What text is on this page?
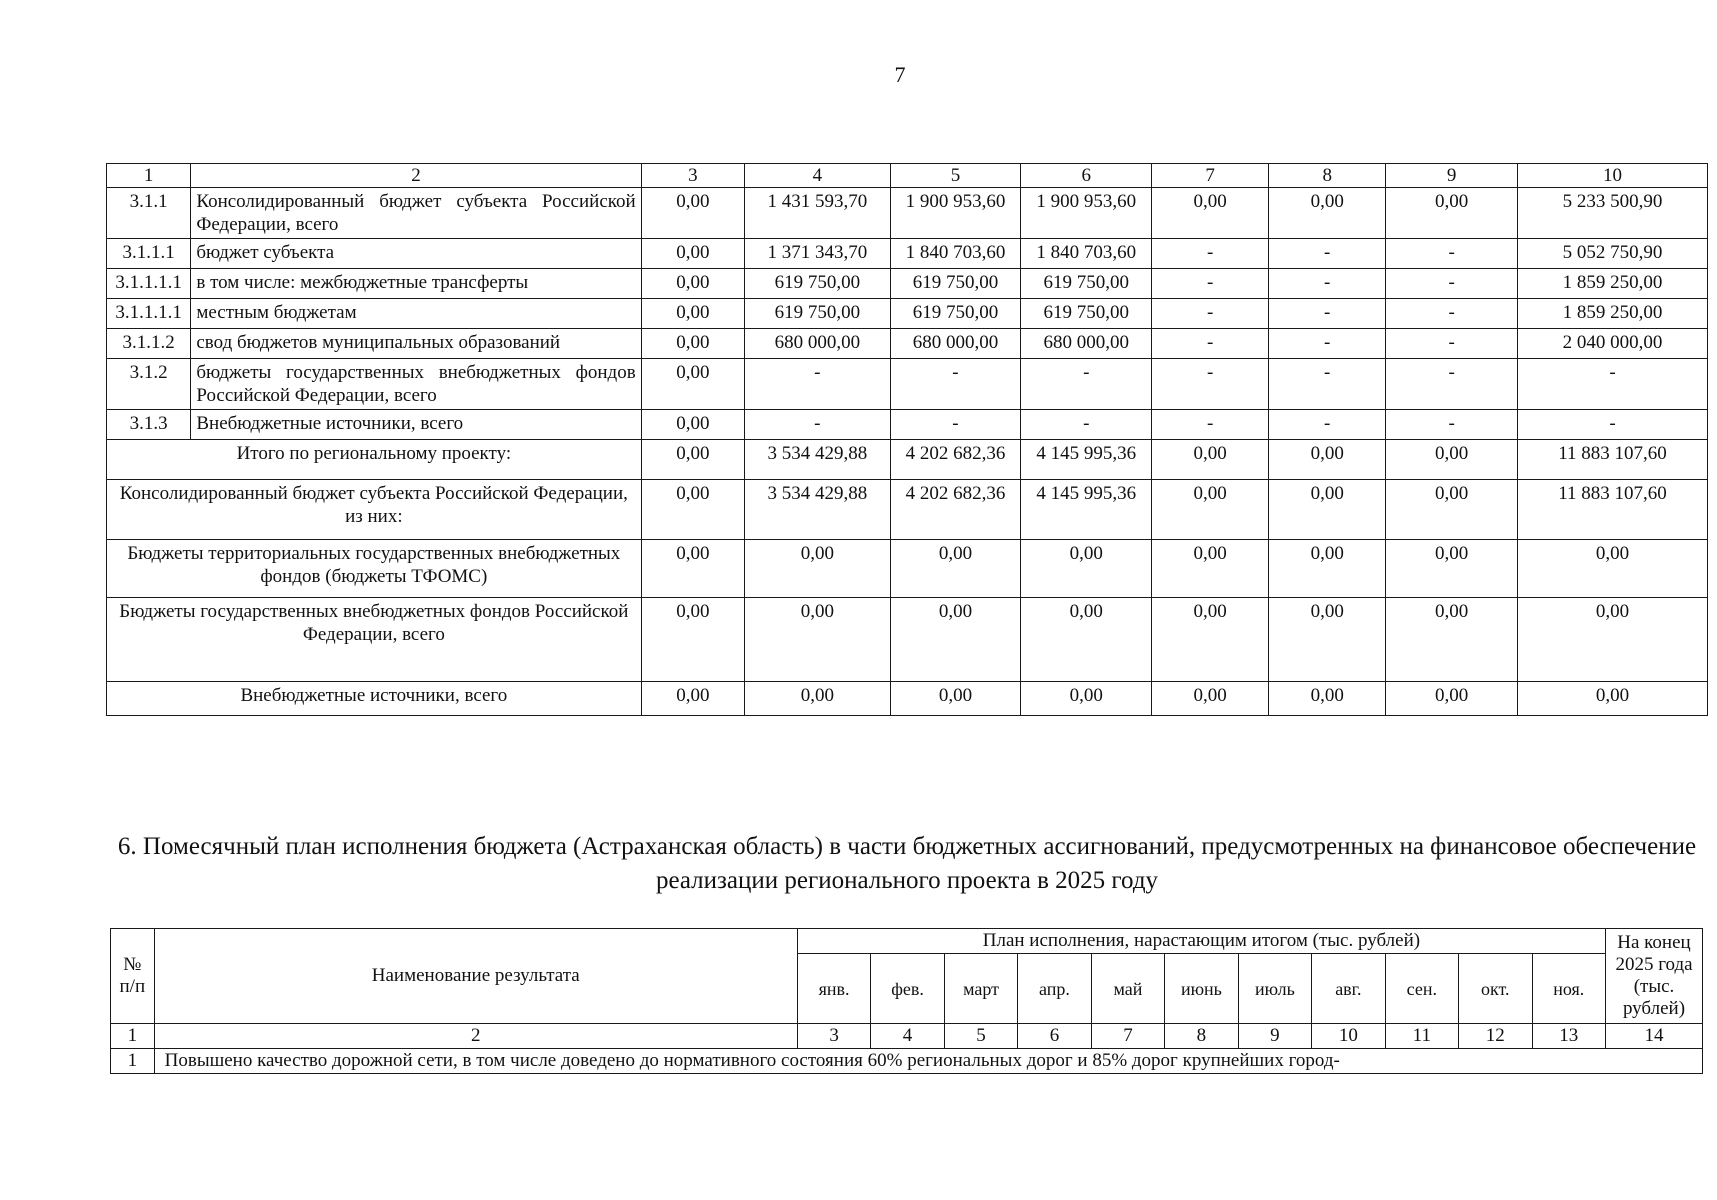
7
1	2	3	4	5	6	7	8	9	10
3.1.1	Консолидированный бюджет субъекта Российской Федерации, всего	0,00	1 431 593,70	1 900 953,60	1 900 953,60	0,00	0,00	0,00	5 233 500,90
3.1.1.1	бюджет субъекта	0,00	1 371 343,70	1 840 703,60	1 840 703,60	-	-	-	5 052 750,90
3.1.1.1.1	в том числе: межбюджетные трансферты	0,00	619 750,00	619 750,00	619 750,00	-	-	-	1 859 250,00
3.1.1.1.1	местным бюджетам	0,00	619 750,00	619 750,00	619 750,00	-	-	-	1 859 250,00
3.1.1.2	свод бюджетов муниципальных образований	0,00	680 000,00	680 000,00	680 000,00	-	-	-	2 040 000,00
3.1.2	бюджеты государственных внебюджетных фондов Российской Федерации, всего	0,00	-	-	-	-	-	-	-
3.1.3	Внебюджетные источники, всего	0,00	-	-	-	-	-	-	-
Итого по региональному проекту:		0,00	3 534 429,88	4 202 682,36	4 145 995,36	0,00	0,00	0,00	11 883 107,60
Консолидированный бюджет субъекта Российской Федерации, из них:		0,00	3 534 429,88	4 202 682,36	4 145 995,36	0,00	0,00	0,00	11 883 107,60
Бюджеты территориальных государственных внебюджетных фондов (бюджеты ТФОМС)		0,00	0,00	0,00	0,00	0,00	0,00	0,00	0,00
Бюджеты государственных внебюджетных фондов Российской Федерации, всего		0,00	0,00	0,00	0,00	0,00	0,00	0,00	0,00
Внебюджетные источники, всего		0,00	0,00	0,00	0,00	0,00	0,00	0,00	0,00
6. Помесячный план исполнения бюджета (Астраханская область) в части бюджетных ассигнований, предусмотренных на финансовое обеспечение реализации регионального проекта в 2025 году
№ п/п	Наименование результата	План исполнения, нарастающим итогом (тыс. рублей)											На конец 2025 года (тыс. рублей)
		янв.	фев.	март	апр.	май	июнь	июль	авг.	сен.	окт.	ноя.	
1	2	3	4	5	6	7	8	9	10	11	12	13	14
1	Повышено качество дорожной сети, в том числе доведено до нормативного состояния 60% региональных дорог и 85% дорог крупнейших город-												
